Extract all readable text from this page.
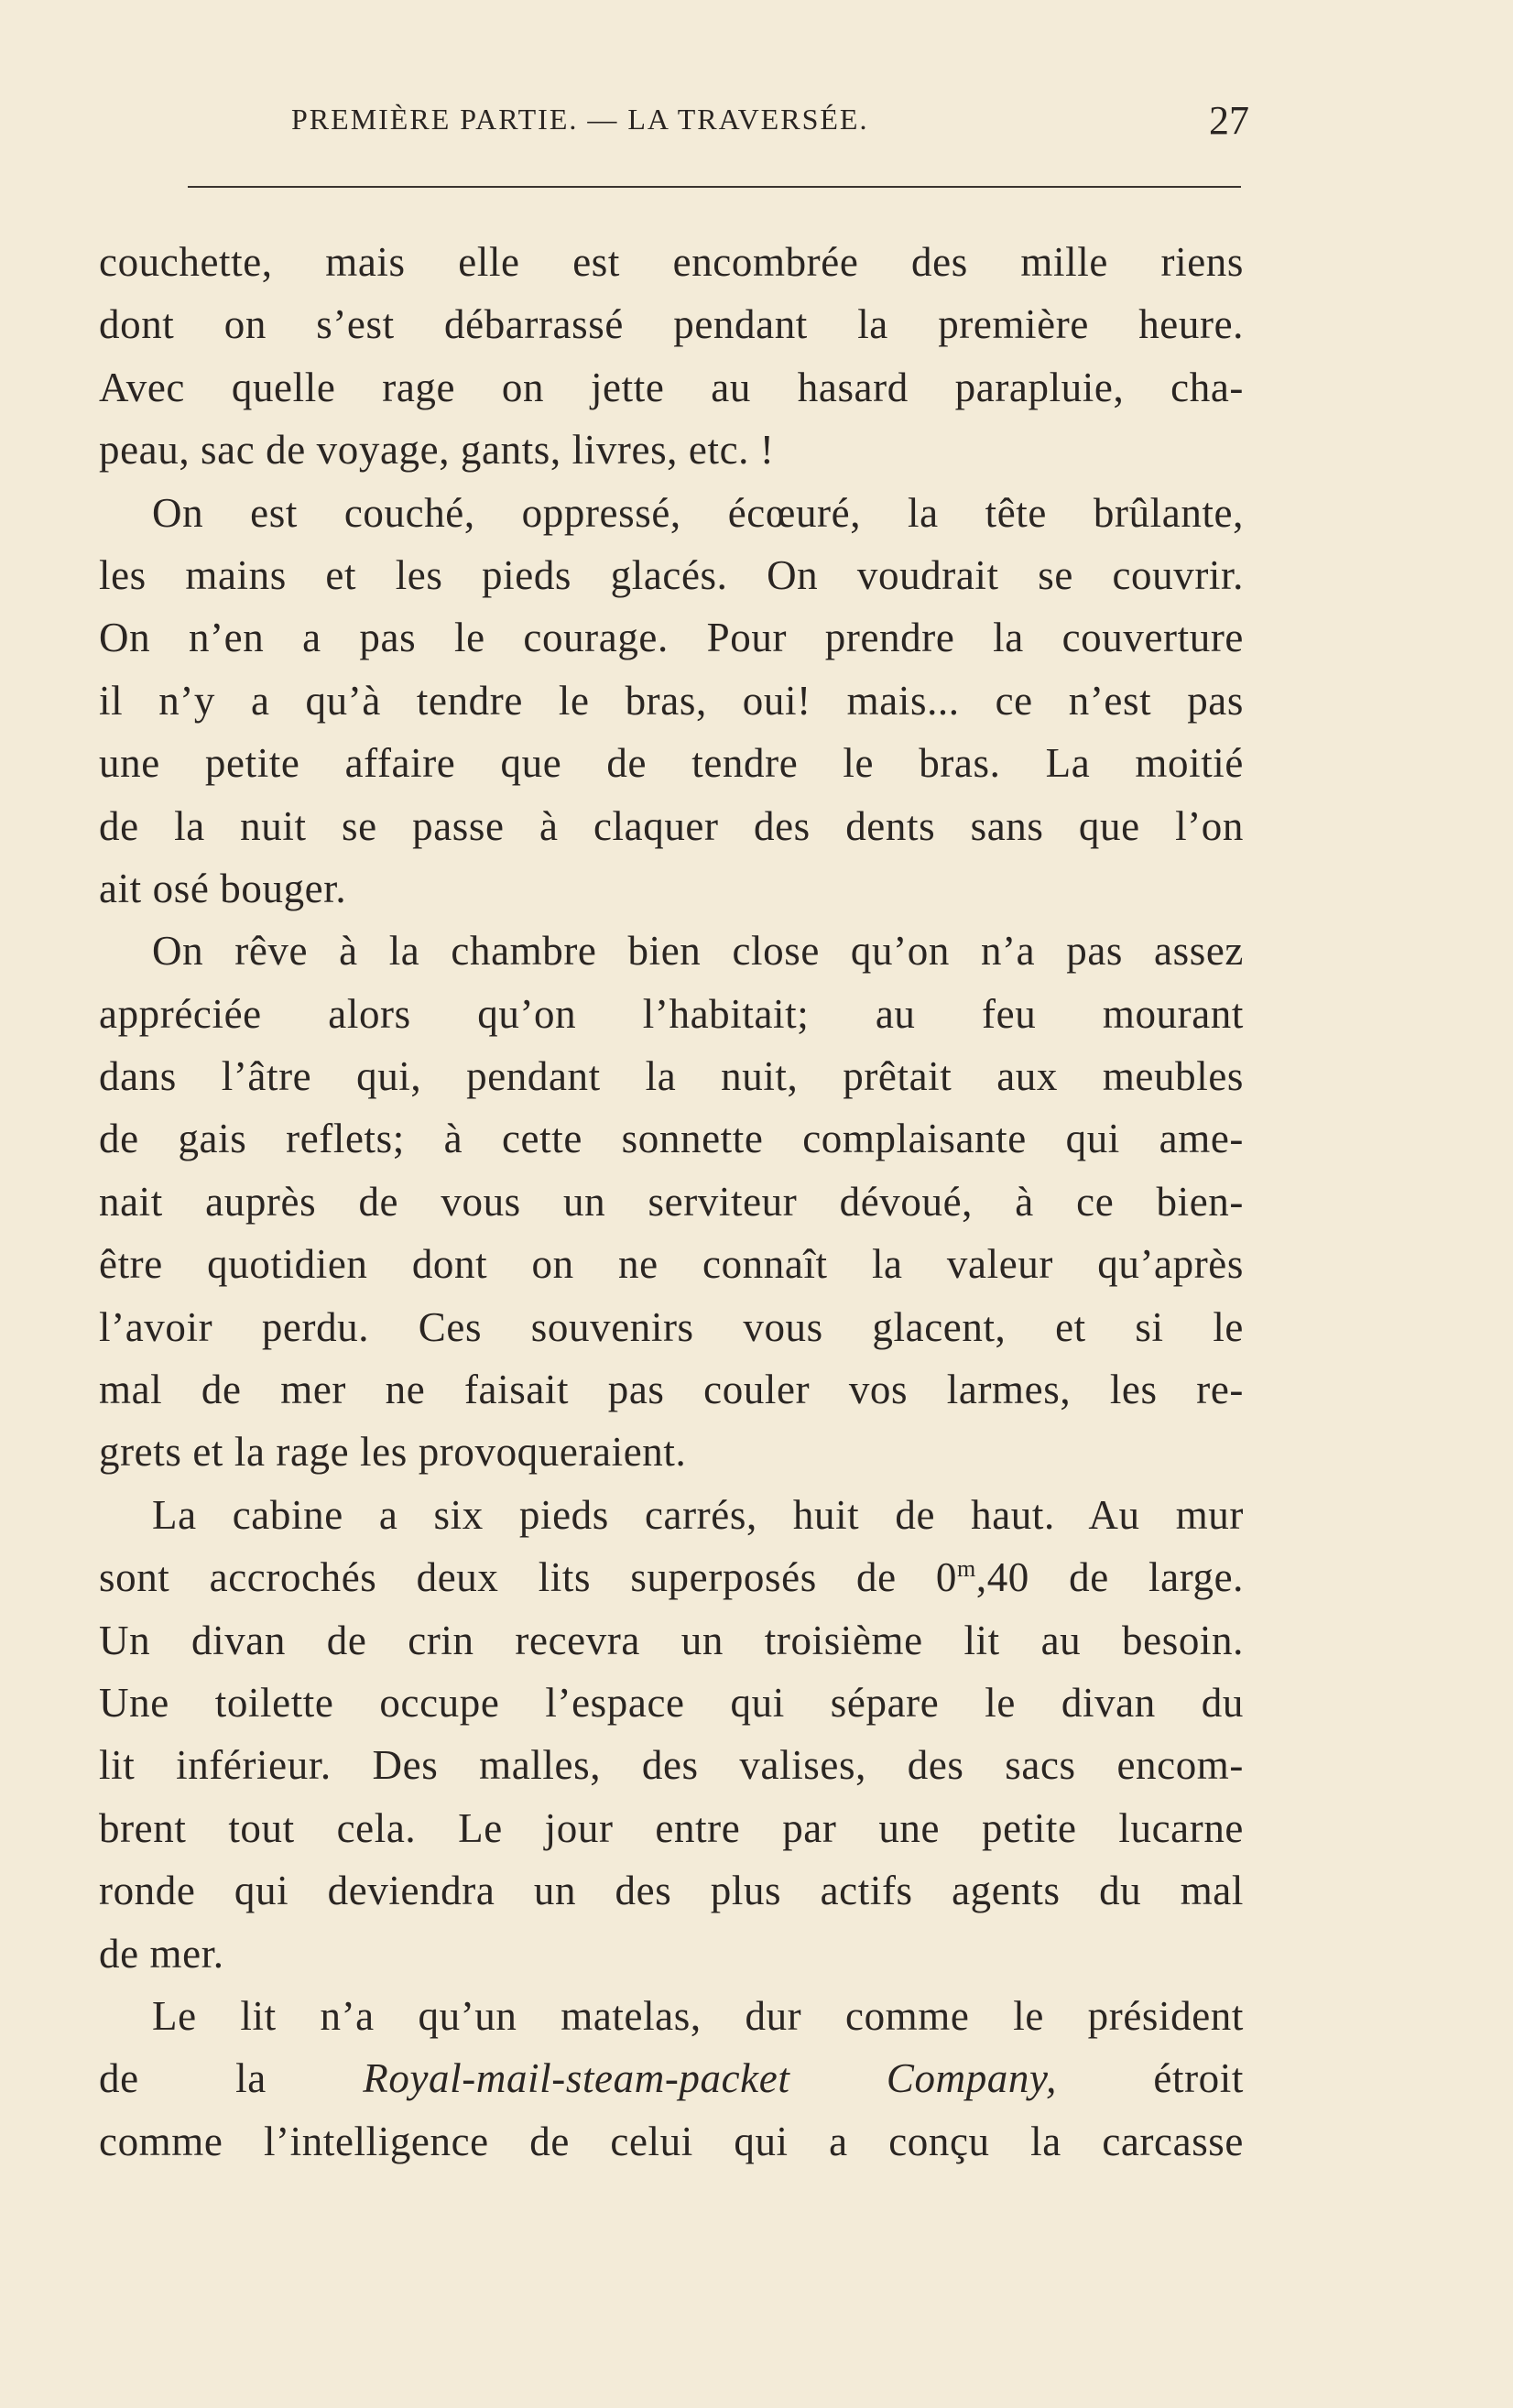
PREMIÈRE PARTIE. — LA TRAVERSÉE.	27
couchette, mais elle est encombrée des mille riens
dont on s’est débarrassé pendant la première heure.
Avec quelle rage on jette au hasard parapluie, cha-
peau, sac de voyage, gants, livres, etc. !
On est couché, oppressé, écœuré, la tête brûlante,
les mains et les pieds glacés. On voudrait se couvrir.
On n’en a pas le courage. Pour prendre la couverture
il n’y a qu’à tendre le bras, oui! mais... ce n’est pas
une petite affaire que de tendre le bras. La moitié
de la nuit se passe à claquer des dents sans que l’on
ait osé bouger.
On rêve à la chambre bien close qu’on n’a pas assez
appréciée alors qu’on l’habitait; au feu mourant
dans l’âtre qui, pendant la nuit, prêtait aux meubles
de gais reflets; à cette sonnette complaisante qui ame-
nait auprès de vous un serviteur dévoué, à ce bien-
être quotidien dont on ne connaît la valeur qu’après
l’avoir perdu. Ces souvenirs vous glacent, et si le
mal de mer ne faisait pas couler vos larmes, les re-
grets et la rage les provoqueraient.
La cabine a six pieds carrés, huit de haut. Au mur
sont accrochés deux lits superposés de 0$^m$,40 de large.
Un divan de crin recevra un troisième lit au besoin.
Une toilette occupe l’espace qui sépare le divan du
lit inférieur. Des malles, des valises, des sacs encom-
brent tout cela. Le jour entre par une petite lucarne
ronde qui deviendra un des plus actifs agents du mal
de mer.
Le lit n’a qu’un matelas, dur comme le président
de la Royal-mail-steam-packet Company, étroit
comme l’intelligence de celui qui a conçu la carcasse
